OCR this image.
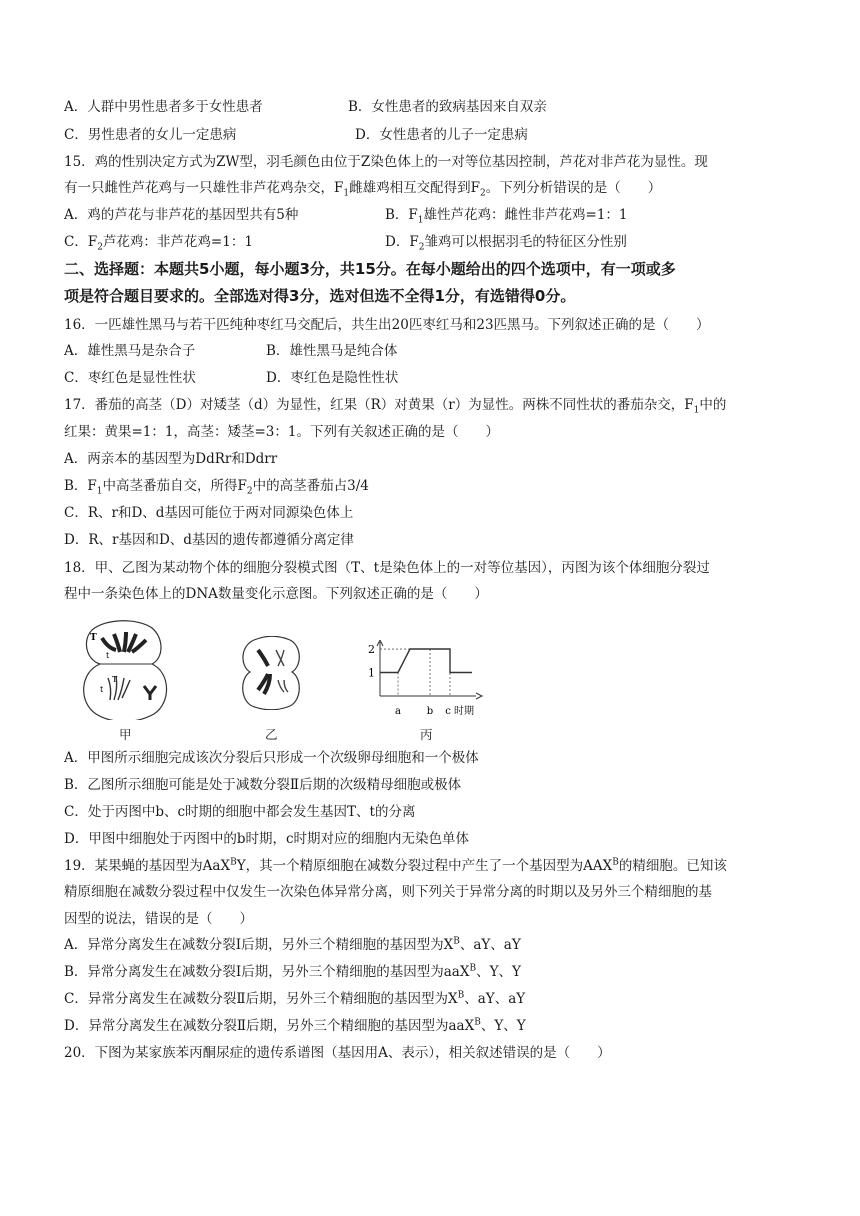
A．人群中男性患者多于女性患者	B．女性患者的致病基因来自双亲
C．男性患者的女儿一定患病	D．女性患者的儿子一定患病
15．鸡的性别决定方式为ZW型，羽毛颜色由位于Z染色体上的一对等位基因控制，芦花对非芦花为显性。现
有一只雌性芦花鸡与一只雄性非芦花鸡杂交，$F_1$雌雄鸡相互交配得到$F_2$。下列分析错误的是（　　）
A．鸡的芦花与非芦花的基因型共有5种	B．$F_1$雄性芦花鸡：雌性非芦花鸡=1：1
C．$F_2$芦花鸡：非芦花鸡=1：1	D．$F_2$雏鸡可以根据羽毛的特征区分性别
二、选择题：本题共5小题，每小题3分，共15分。在每小题给出的四个选项中，有一项或多
项是符合题目要求的。全部选对得3分，选对但选不全得1分，有选错得0分。
16．一匹雄性黑马与若干匹纯种枣红马交配后，共生出20匹枣红马和23匹黑马。下列叙述正确的是（　　）
A．雄性黑马是杂合子	B．雄性黑马是纯合体
C．枣红色是显性性状	D．枣红色是隐性性状
17．番茄的高茎（D）对矮茎（d）为显性，红果（R）对黄果（r）为显性。两株不同性状的番茄杂交，$F_1$中的
红果：黄果=1：1，高茎：矮茎=3：1。下列有关叙述正确的是（　　）
A．两亲本的基因型为DdRr和Ddrr
B．$F_1$中高茎番茄自交，所得$F_2$中的高茎番茄占3/4
C．R、r和D、d基因可能位于两对同源染色体上
D．R、r基因和D、d基因的遗传都遵循分离定律
18．甲、乙图为某动物个体的细胞分裂模式图（T、t是染色体上的一对等位基因），丙图为该个体细胞分裂过
程中一条染色体上的DNA数量变化示意图。下列叙述正确的是（　　）
T
t
T
t
甲	乙
2
1
a	b c 时期
丙
A．甲图所示细胞完成该次分裂后只形成一个次级卵母细胞和一个极体
B．乙图所示细胞可能是处于减数分裂Ⅱ后期的次级精母细胞或极体
C．处于丙图中b、c时期的细胞中都会发生基因T、t的分离
D．甲图中细胞处于丙图中的b时期，c时期对应的细胞内无染色单体
19．某果蝇的基因型为AaX$^B$Y，其一个精原细胞在减数分裂过程中产生了一个基因型为$AAX^B$的精细胞。已知该
精原细胞在减数分裂过程中仅发生一次染色体异常分离，则下列关于异常分离的时期以及另外三个精细胞的基
因型的说法，错误的是（　　）
A．异常分离发生在减数分裂Ⅰ后期，另外三个精细胞的基因型为$X^B$、aY、aY
B．异常分离发生在减数分裂Ⅰ后期，另外三个精细胞的基因型为aaX$^B$、Y、Y
C．异常分离发生在减数分裂Ⅱ后期，另外三个精细胞的基因型为$X^B$、aY、aY
D．异常分离发生在减数分裂Ⅱ后期，另外三个精细胞的基因型为aaX$^B$、Y、Y
20．下图为某家族苯丙酮尿症的遗传系谱图（基因用A、表示），相关叙述错误的是（　　）
